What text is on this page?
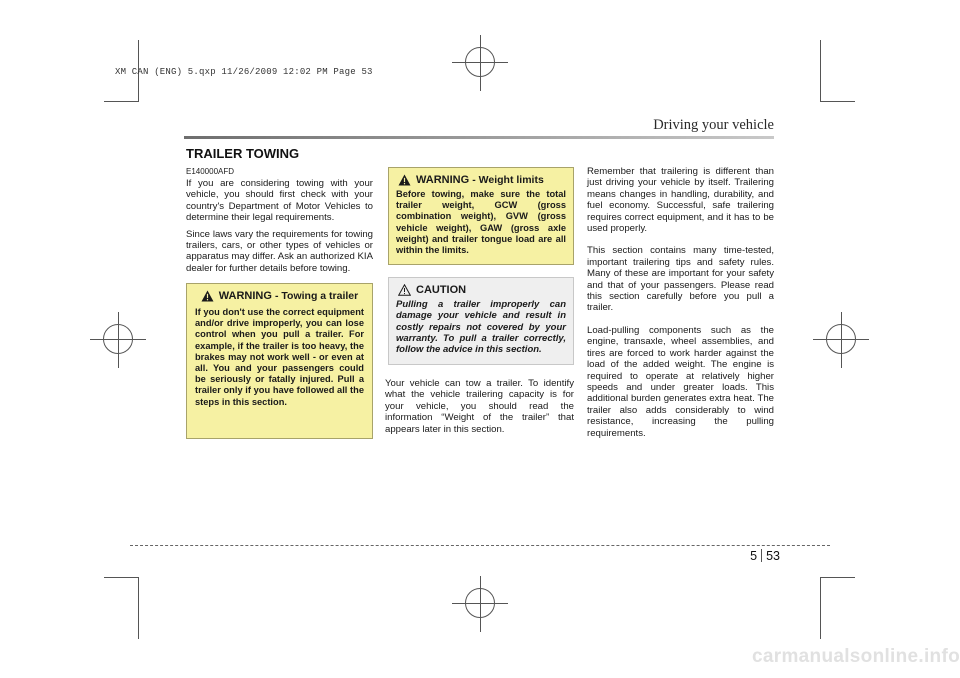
XM CAN (ENG) 5.qxp 11/26/2009 12:02 PM Page 53
Driving your vehicle
TRAILER TOWING
E140000AFD

If you are considering towing with your vehicle, you should first check with your country's Department of Motor Vehicles to determine their legal requirements.

Since laws vary the requirements for towing trailers, cars, or other types of vehicles or apparatus may differ. Ask an authorized KIA dealer for further details before towing.

WARNING - Towing a trailer

If you don't use the correct equipment and/or drive improperly, you can lose control when you pull a trailer. For example, if the trailer is too heavy, the brakes may not work well - or even at all. You and your passengers could be seriously or fatally injured. Pull a trailer only if you have followed all the steps in this section.

WARNING - Weight limits

Before towing, make sure the total trailer weight, GCW (gross combination weight), GVW (gross vehicle weight), GAW (gross axle weight) and trailer tongue load are all within the limits.

CAUTION

Pulling a trailer improperly can damage your vehicle and result in costly repairs not covered by your warranty. To pull a trailer correctly, follow the advice in this section.

Your vehicle can tow a trailer. To identify what the vehicle trailering capacity is for your vehicle, you should read the information “Weight of the trailer” that appears later in this section.

Remember that trailering is different than just driving your vehicle by itself. Trailering means changes in handling, durability, and fuel economy. Successful, safe trailering requires correct equipment, and it has to be used properly.

This section contains many time-tested, important trailering tips and safety rules. Many of these are important for your safety and that of your passengers. Please read this section carefully before you pull a trailer.

Load-pulling components such as the engine, transaxle, wheel assemblies, and tires are forced to work harder against the load of the added weight. The engine is required to operate at relatively higher speeds and under greater loads. This additional burden generates extra heat. The trailer also adds considerably to wind resistance, increasing the pulling requirements.

5 53
carmanualsonline.info
